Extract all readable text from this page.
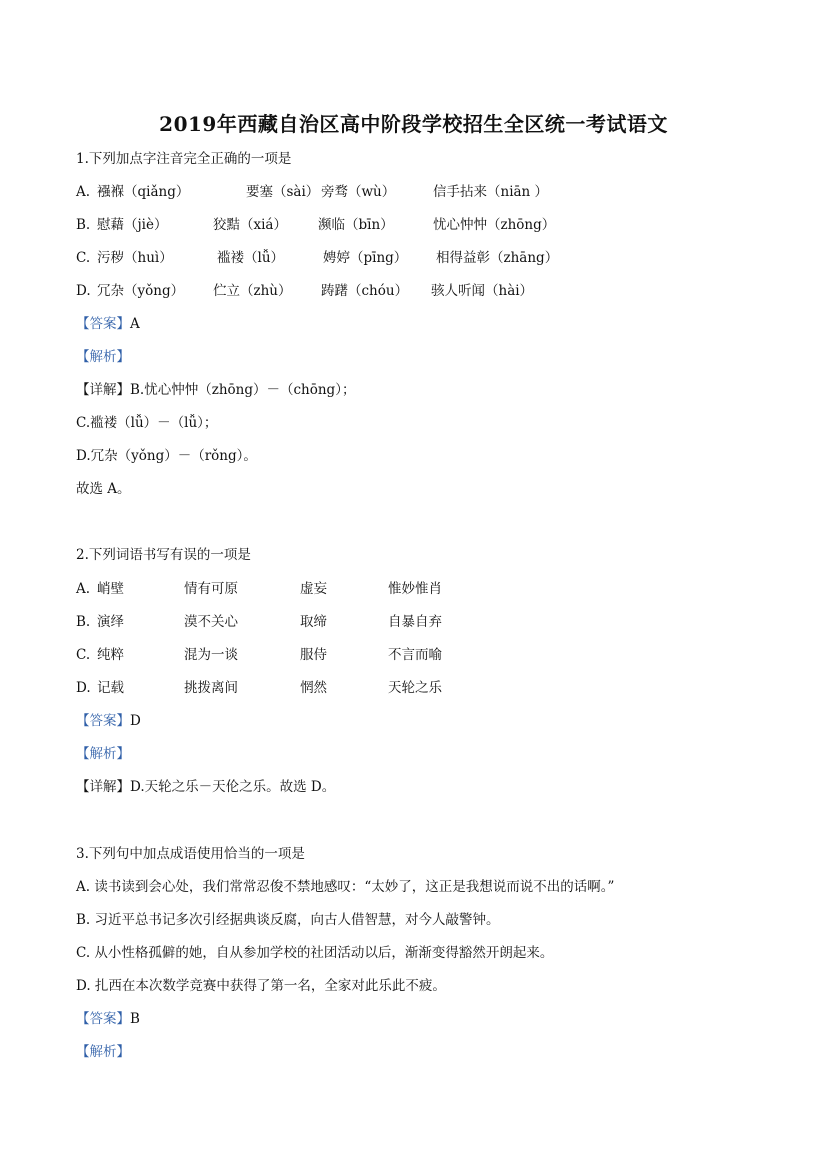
2019年西藏自治区高中阶段学校招生全区统一考试语文
1.下列加点字注音完全正确的一项是
A. 襁褓（qiǎng）	要塞（sài） 旁骛（wù）	信手拈来（niān ）
B. 慰藉（jiè）	狡黠（xiá） 濒临（bīn）	忧心忡忡（zhōng）
C. 污秽（huì）	褴褛（lǚ）	娉婷（pīng） 相得益彰（zhāng）
D. 冗杂（yǒng） 伫立（zhù） 踌躇（chóu） 骇人听闻（hài）
【答案】A
【解析】
【详解】B.忧心忡忡（zhōng）－（chōng）；
C.褴褛（lǚ）－（lǚ）；
D.冗杂（yǒng）－（rǒng）。
故选 A。
2.下列词语书写有误的一项是
A. 峭壁	情有可原	虚妄	惟妙惟肖
B. 演绎	漠不关心	取缔	自暴自弃
C. 纯粹	混为一谈	服侍	不言而喻
D. 记载	挑拨离间	惘然	天轮之乐
【答案】D
【解析】
【详解】D.天轮之乐－天伦之乐。故选 D。
3.下列句中加点成语使用恰当的一项是
A. 读书读到会心处，我们常常忍俊不禁地感叹：“太妙了，这正是我想说而说不出的话啊。”
B. 习近平总书记多次引经据典谈反腐，向古人借智慧，对今人敲警钟。
C. 从小性格孤僻的她，自从参加学校的社团活动以后，渐渐变得豁然开朗起来。
D. 扎西在本次数学竞赛中获得了第一名，全家对此乐此不疲。
【答案】B
【解析】
